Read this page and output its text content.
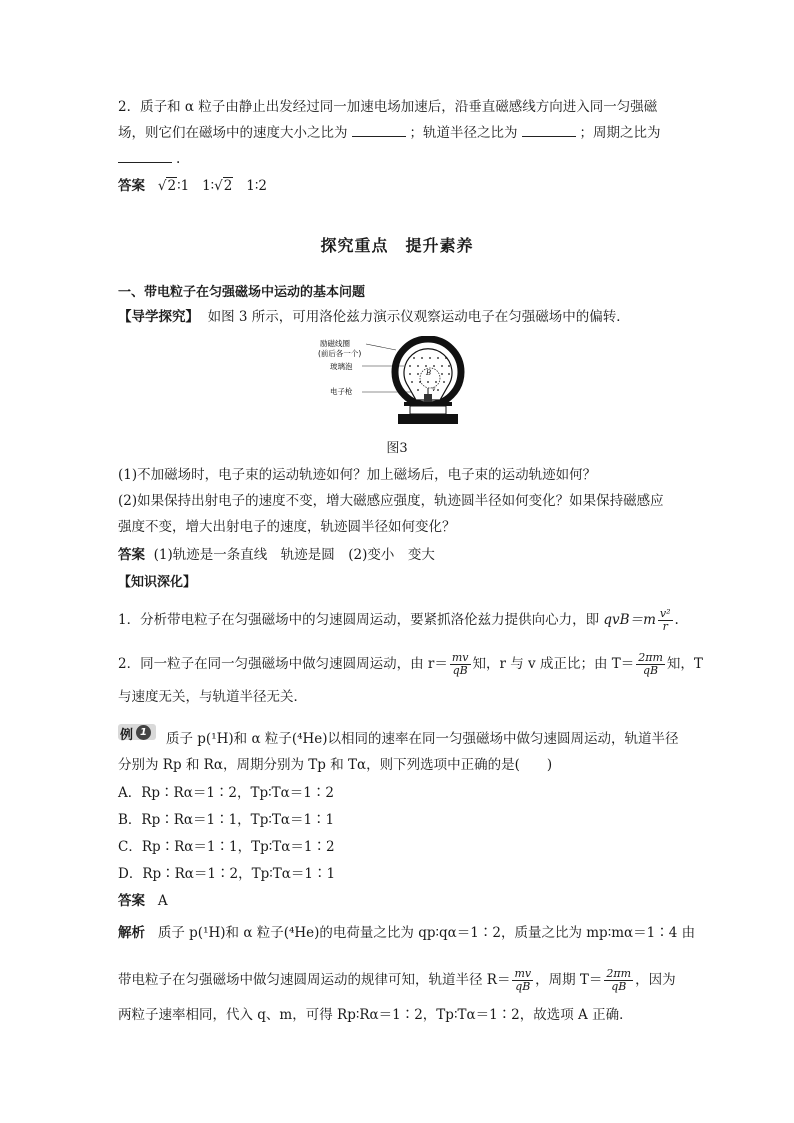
2．质子和 α 粒子由静止出发经过同一加速电场加速后，沿垂直磁感线方向进入同一匀强磁
场，则它们在磁场中的速度大小之比为	；轨道半径之比为	；周期之比为
.
答案 √2∶1 1∶√2 1∶2
探究重点　提升素养
一、带电粒子在匀强磁场中运动的基本问题
【导学探究】 如图 3 所示，可用洛伦兹力演示仪观察运动电子在匀强磁场中的偏转．
励磁线圈
(前后各一个)
玻璃泡
电子枪
B
v
图3
(1)不加磁场时，电子束的运动轨迹如何？加上磁场后，电子束的运动轨迹如何？
(2)如果保持出射电子的速度不变，增大磁感应强度，轨迹圆半径如何变化？如果保持磁感应
强度不变，增大出射电子的速度，轨迹圆半径如何变化？
答案 (1)轨迹是一条直线　轨迹是圆　(2)变小　变大
【知识深化】
1．分析带电粒子在匀强磁场中的匀速圆周运动，要紧抓洛伦兹力提供向心力，即 $qvB=m \frac{\text{v²}}{r}$ .
2．同一粒子在同一匀强磁场中做匀速圆周运动，由 $r= \frac{mv}{qB}$ 知，r 与 v 成正比；由 $T= \frac{2\pi m}{qB}$ 知，T
与速度无关，与轨道半径无关．
例 1 质子 p(¹H)和 α 粒子(⁴He)以相同的速率在同一匀强磁场中做匀速圆周运动，轨道半径
分别为 Rp 和 Rα，周期分别为 Tp 和 Tα，则下列选项中正确的是(　　)
A．Rp∶Rα＝1∶2，Tp∶Tα＝1∶2
B．Rp∶Rα＝1∶1，Tp∶Tα＝1∶1
C．Rp∶Rα＝1∶1，Tp∶Tα＝1∶2
D．Rp∶Rα＝1∶2，Tp∶Tα＝1∶1
答案 A
解析 质子 p(¹H)和 α 粒子(⁴He)的电荷量之比为 qp∶qα＝1∶2，质量之比为 mp∶mα＝1∶4 由
带电粒子在匀强磁场中做匀速圆周运动的规律可知，轨道半径 $R= \frac{mv}{qB}$ ，周期 $T= \frac{2\pi m}{qB}$ ，因为
两粒子速率相同，代入 q、m，可得 Rp∶Rα＝1∶2，Tp∶Tα＝1∶2，故选项 A 正确．
